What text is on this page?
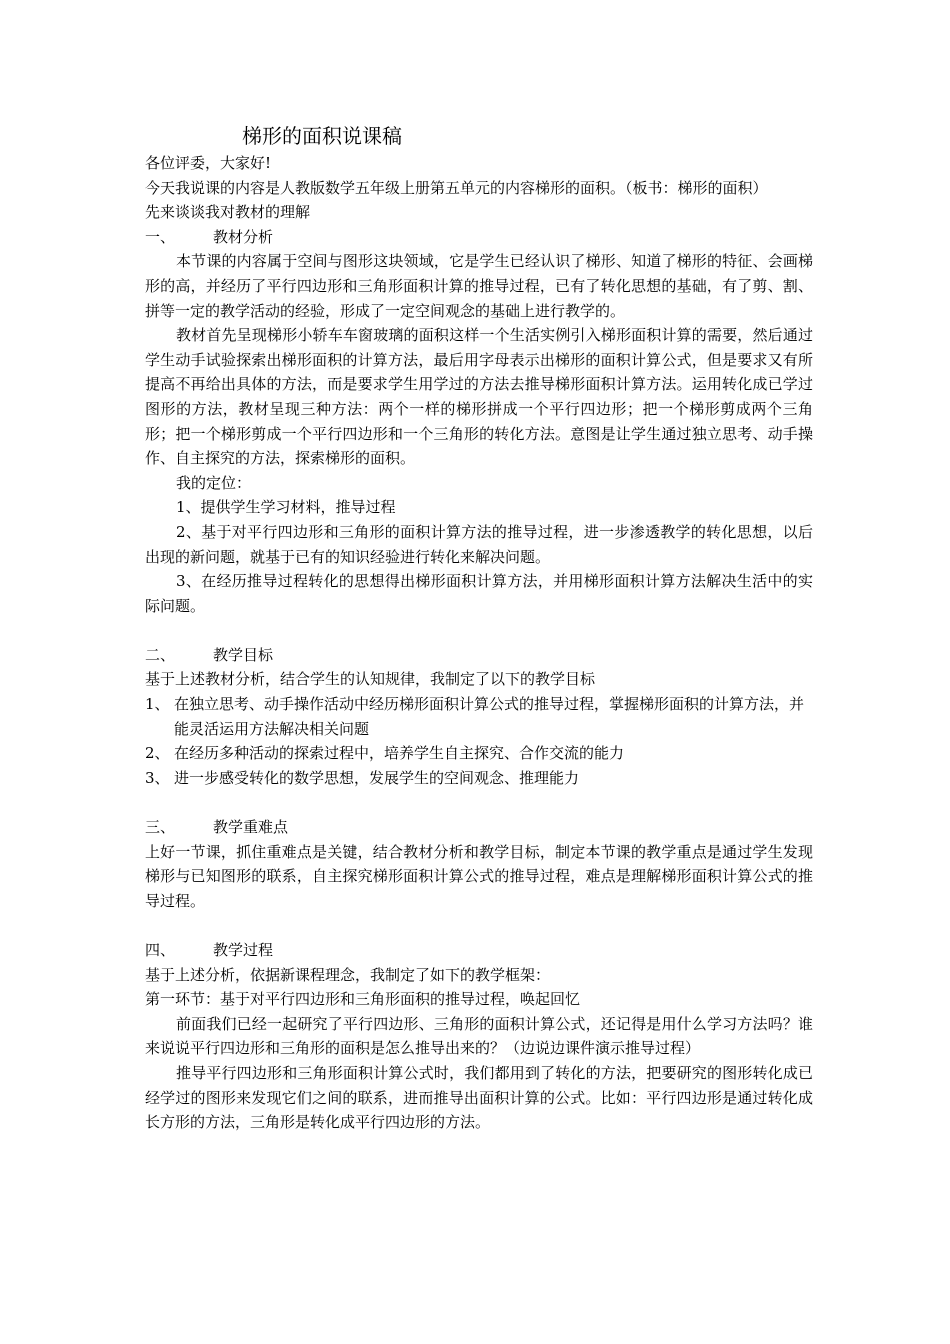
梯形的面积说课稿

各位评委，大家好!

今天我说课的内容是人教版数学五年级上册第五单元的内容梯形的面积。（板书：梯形的面积）

先来谈谈我对教材的理解

一、	教材分析

本节课的内容属于空间与图形这块领域，它是学生已经认识了梯形、知道了梯形的特征、会画梯形的高，并经历了平行四边形和三角形面积计算的推导过程，已有了转化思想的基础，有了剪、割、拼等一定的教学活动的经验，形成了一定空间观念的基础上进行教学的。

教材首先呈现梯形小轿车车窗玻璃的面积这样一个生活实例引入梯形面积计算的需要，然后通过学生动手试验探索出梯形面积的计算方法，最后用字母表示出梯形的面积计算公式，但是要求又有所提高不再给出具体的方法，而是要求学生用学过的方法去推导梯形面积计算方法。运用转化成已学过图形的方法，教材呈现三种方法：两个一样的梯形拼成一个平行四边形；把一个梯形剪成两个三角形；把一个梯形剪成一个平行四边形和一个三角形的转化方法。意图是让学生通过独立思考、动手操作、自主探究的方法，探索梯形的面积。

我的定位：

1、提供学生学习材料，推导过程

2、基于对平行四边形和三角形的面积计算方法的推导过程，进一步渗透教学的转化思想，以后出现的新问题，就基于已有的知识经验进行转化来解决问题。

3、在经历推导过程转化的思想得出梯形面积计算方法，并用梯形面积计算方法解决生活中的实际问题。

二、	教学目标

基于上述教材分析，结合学生的认知规律，我制定了以下的教学目标

1、 在独立思考、动手操作活动中经历梯形面积计算公式的推导过程，掌握梯形面积的计算方法，并能灵活运用方法解决相关问题

2、 在经历多种活动的探索过程中，培养学生自主探究、合作交流的能力

3、 进一步感受转化的数学思想，发展学生的空间观念、推理能力

三、	教学重难点

上好一节课，抓住重难点是关键，结合教材分析和教学目标，制定本节课的教学重点是通过学生发现梯形与已知图形的联系，自主探究梯形面积计算公式的推导过程，难点是理解梯形面积计算公式的推导过程。

四、	教学过程

基于上述分析，依据新课程理念，我制定了如下的教学框架：

第一环节：基于对平行四边形和三角形面积的推导过程，唤起回忆

前面我们已经一起研究了平行四边形、三角形的面积计算公式，还记得是用什么学习方法吗？谁来说说平行四边形和三角形的面积是怎么推导出来的？（边说边课件演示推导过程）

推导平行四边形和三角形面积计算公式时，我们都用到了转化的方法，把要研究的图形转化成已经学过的图形来发现它们之间的联系，进而推导出面积计算的公式。比如：平行四边形是通过转化成长方形的方法，三角形是转化成平行四边形的方法。
